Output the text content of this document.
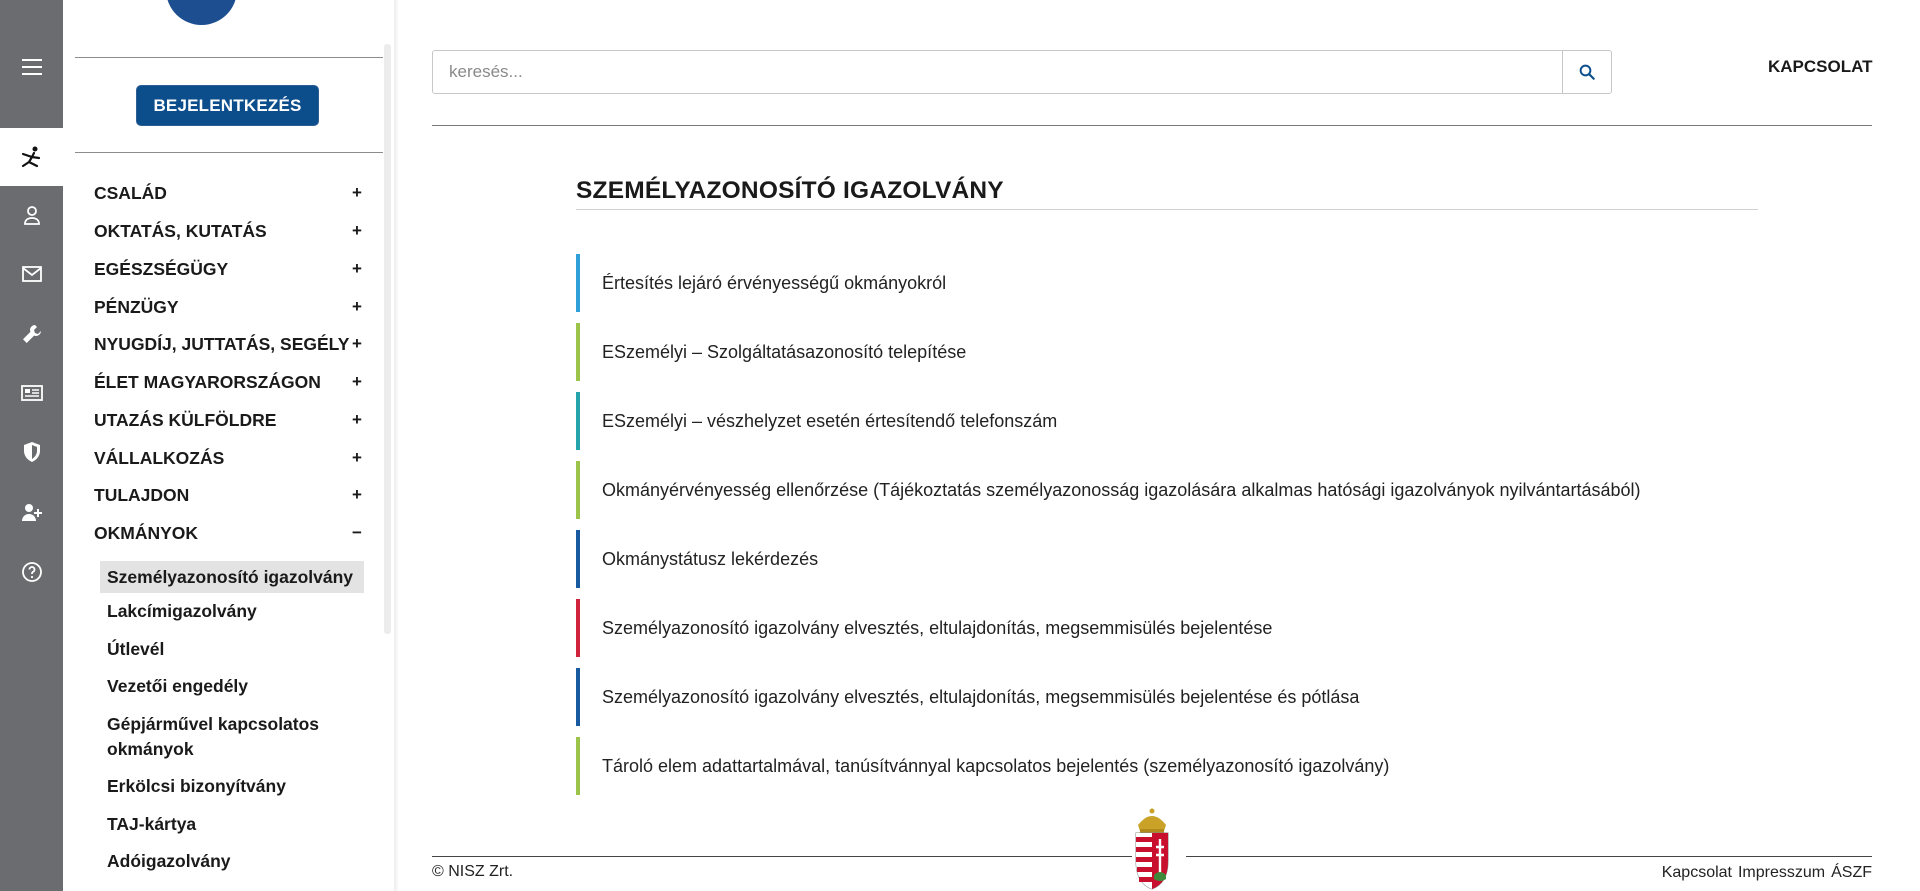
BEJELENTKEZÉS
CSALÁD	+
OKTATÁS, KUTATÁS	+
EGÉSZSÉGÜGY	+
PÉNZÜGY	+
NYUGDÍJ, JUTTATÁS, SEGÉLY +
ÉLET MAGYARORSZÁGON +
UTAZÁS KÜLFÖLDRE	+
VÁLLALKOZÁS	+
TULAJDON	+
OKMÁNYOK	−
Személyazonosító igazolvány
Lakcímigazolvány
Útlevél
Vezetői engedély
Gépjárművel kapcsolatos okmányok
Erkölcsi bizonyítvány
TAJ-kártya
Adóigazolvány
keresés...
KAPCSOLAT
SZEMÉLYAZONOSÍTÓ IGAZOLVÁNY
Értesítés lejáró érvényességű okmányokról
ESzemélyi – Szolgáltatásazonosító telepítése
ESzemélyi – vészhelyzet esetén értesítendő telefonszám
Okmányérvényesség ellenőrzése (Tájékoztatás személyazonosság igazolására alkalmas hatósági igazolványok nyilvántartásából)
Okmánystátusz lekérdezés
Személyazonosító igazolvány elvesztés, eltulajdonítás, megsemmisülés bejelentése
Személyazonosító igazolvány elvesztés, eltulajdonítás, megsemmisülés bejelentése és pótlása
Tároló elem adattartalmával, tanúsítvánnyal kapcsolatos bejelentés (személyazonosító igazolvány)
© NISZ Zrt.	Kapcsolat Impresszum ÁSZF
